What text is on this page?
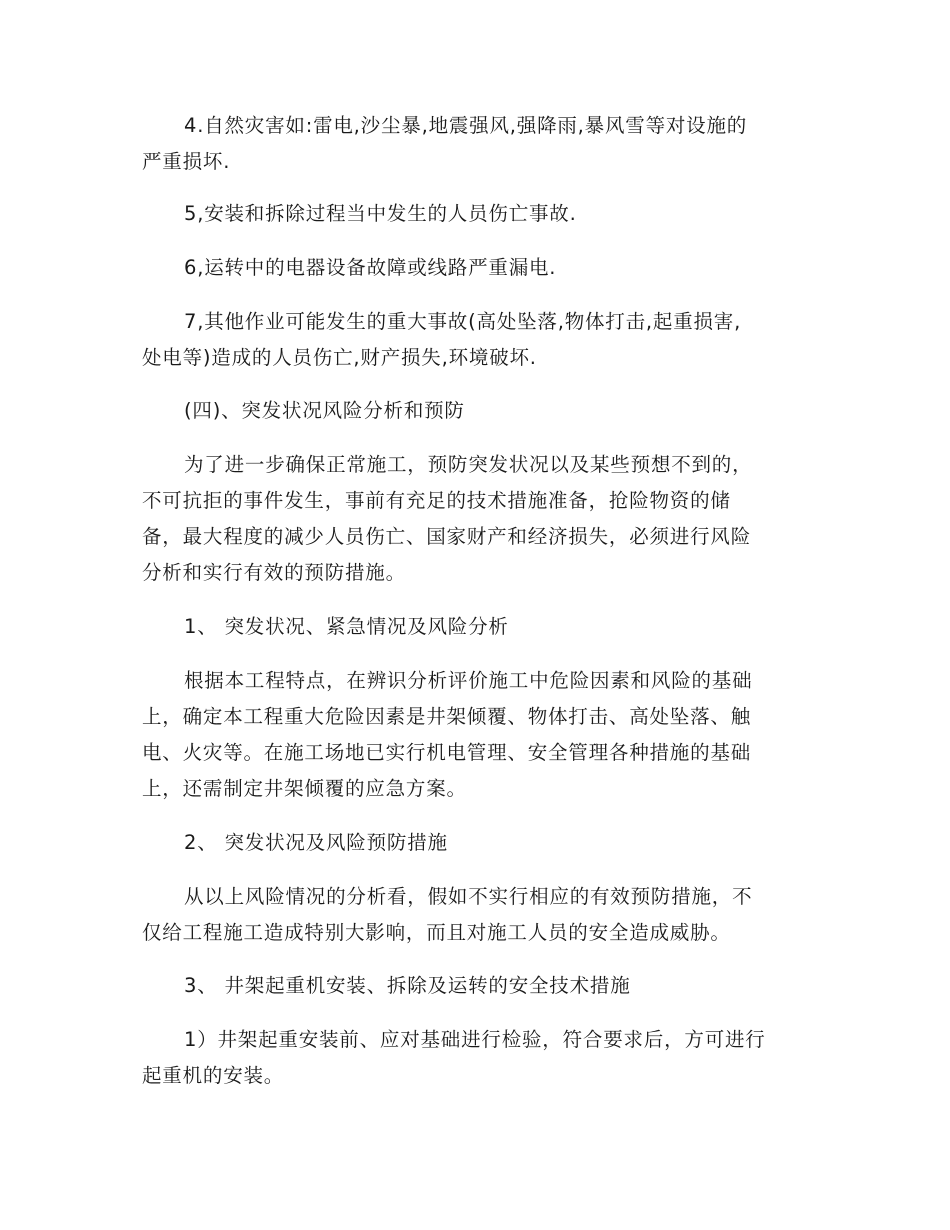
4.自然灾害如:雷电,沙尘暴,地震强风,强降雨,暴风雪等对设施的
严重损坏.

5,安装和拆除过程当中发生的人员伤亡事故.

6,运转中的电器设备故障或线路严重漏电.

7,其他作业可能发生的重大事故(高处坠落,物体打击,起重损害,
处电等)造成的人员伤亡,财产损失,环境破坏.

(四)、突发状况风险分析和预防

为了进一步确保正常施工，预防突发状况以及某些预想不到的，
不可抗拒的事件发生，事前有充足的技术措施准备，抢险物资的储
备，最大程度的减少人员伤亡、国家财产和经济损失，必须进行风险
分析和实行有效的预防措施。

1、 突发状况、紧急情况及风险分析

根据本工程特点，在辨识分析评价施工中危险因素和风险的基础
上，确定本工程重大危险因素是井架倾覆、物体打击、高处坠落、触
电、火灾等。在施工场地已实行机电管理、安全管理各种措施的基础
上，还需制定井架倾覆的应急方案。

2、 突发状况及风险预防措施

从以上风险情况的分析看，假如不实行相应的有效预防措施，不
仅给工程施工造成特别大影响，而且对施工人员的安全造成威胁。

3、 井架起重机安装、拆除及运转的安全技术措施

1）井架起重安装前、应对基础进行检验，符合要求后，方可进行
起重机的安装。
